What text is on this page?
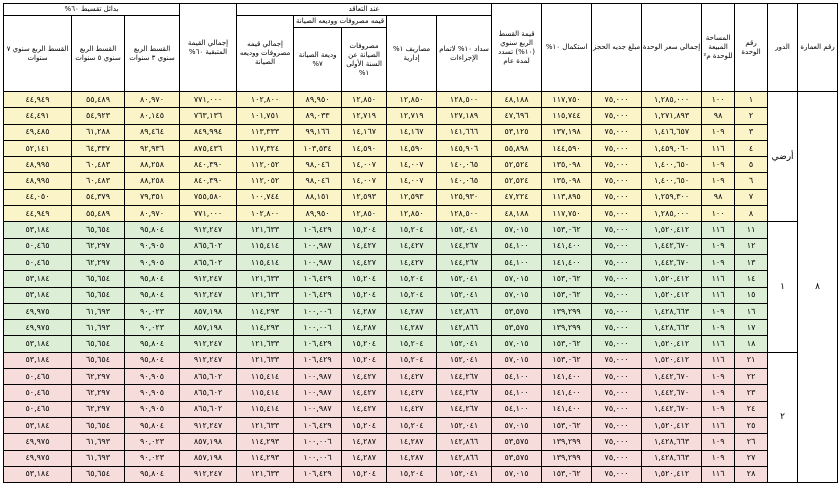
رقم العمارة	الدور	رقم الوحدة	المساحة المبيعة للوحدة م²	إجمالي سعر الوحدة	مبلغ جديه الحجز	استكمال ١٠%	قيمة القسط الربع سنوي (١٠%) تسدد لمدة عام	عند التعاقد					إجمالي القيمة المتبقية ٦٠%	بدائل تقسيط ٦٠%		
								سداد ١٠% لاتمام الإجراءات	مصاريف ١% إدارية	قيمه مصروفات ووديعه الصيانة		إجمالي قيمه مصروفات ووديعه الصيانة		القسط الربع سنوي ٣ سنوات	القسط الربع سنوي ٥ سنوات	القسط الربع سنوي ٧ سنوات
										مصروفات الصيانة عن السنة الأولى ١%	وديعة الصيانة ٧%					
٨	أرضي	١	١٠٠	١,٢٨٥,٠٠٠	٧٥,٠٠٠	١١٧,٧٥٠	٤٨,١٨٨	١٢٨,٥٠٠	١٢,٨٥٠	١٢,٨٥٠	٨٩,٩٥٠	١٠٢,٨٠٠	٧٧١,٠٠٠	٨٠,٩٧٠	٥٥,٤٨٩	٤٤,٩٤٩
		٢	٩٨	١,٢٧١,٨٩٣	٧٥,٠٠٠	١١٥,٧٤٤	٤٧,٦٩٦	١٢٧,١٨٩	١٢,٧١٩	١٢,٧١٩	٨٩,٠٣٣	١٠١,٧٥١	٧٦٣,١٣٦	٨٠,١٤٥	٥٤,٩٢٣	٤٤,٤٩١
		٣	١٠٩	١,٤١٦,٦٥٧	٧٥,٠٠٠	١٣٧,١٩٨	٥٣,١٢٥	١٤١,٦٦٦	١٤,١٦٧	١٤,١٦٧	٩٩,١٦٦	١١٣,٣٣٣	٨٤٩,٩٩٤	٨٩,٤٦٤	٦١,٢٨٨	٤٩,٤٨٥
		٤	١١٦	١,٤٥٩,٠٦٠	٧٥,٠٠٠	١٤٤,٥٩٠	٥٥,٨٩٨	١٤٥,٩٠٦	١٤,٥٩٠	١٤,٥٩٠	١٠٣,٥٣٤	١١٧,٣٢٤	٨٧٥,٤٣٦	٩٢,٩٣٦	٦٤,٣٣٧	٥٢,١٤١
		٥	١٠٩	١,٤٠٠,٦٥٠	٧٥,٠٠٠	١٣٥,٠٩٨	٥٢,٥٢٤	١٤٠,٠٦٥	١٤,٠٠٧	١٤,٠٠٧	٩٨,٠٤٦	١١٢,٠٥٢	٨٤٠,٣٩٠	٨٨,٢٥٨	٦٠,٤٨٣	٤٨,٩٩٥
		٦	١٠٩	١,٤٠٠,٦٥٠	٧٥,٠٠٠	١٣٥,٠٩٨	٥٢,٥٢٤	١٤٠,٠٦٥	١٤,٠٠٧	١٤,٠٠٧	٩٨,٠٤٦	١١٢,٠٥٢	٨٤٠,٣٩٠	٨٨,٢٥٨	٦٠,٤٨٣	٤٨,٩٩٥
		٧	٩٨	١,٢٥٩,٣٠٠	٧٥,٠٠٠	١١٣,٨٩٥	٤٧,٢٢٤	١٢٥,٩٣٠	١٢,٥٩٣	١٢,٥٩٣	٨٨,١٥١	١٠٠,٧٤٤	٧٥٥,٥٨٠	٧٩,٣٥١	٥٤,٣٧٩	٤٤,٠٥٠
		٨	١٠٠	١,٢٨٥,٠٠٠	٧٥,٠٠٠	١١٧,٧٥٠	٤٨,١٨٨	١٢٨,٥٠٠	١٢,٨٥٠	١٢,٨٥٠	٨٩,٩٥٠	١٠٢,٨٠٠	٧٧١,٠٠٠	٨٠,٩٧٠	٥٥,٤٨٩	٤٤,٩٤٩
	١	١١	١١٦	١,٥٢٠,٤١٢	٧٥,٠٠٠	١٥٣,٠٦٢	٥٧,٠١٥	١٥٢,٠٤١	١٥,٢٠٤	١٥,٢٠٤	١٠٦,٤٢٩	١٢١,٦٣٣	٩١٢,٢٤٧	٩٥,٨٠٤	٦٥,٦٥٤	٥٣,١٨٤
		١٢	١٠٩	١,٤٤٢,٦٧٠	٧٥,٠٠٠	١٤١,٤٠٠	٥٤,١٠٠	١٤٤,٢٦٧	١٤,٤٢٧	١٤,٤٢٧	١٠٠,٩٨٧	١١٥,٤١٤	٨٦٥,٦٠٢	٩٠,٩٠٥	٦٢,٢٩٧	٥٠,٤٦٥
		١٣	١٠٩	١,٤٤٢,٦٧٠	٧٥,٠٠٠	١٤١,٤٠٠	٥٤,١٠٠	١٤٤,٢٦٧	١٤,٤٢٧	١٤,٤٢٧	١٠٠,٩٨٧	١١٥,٤١٤	٨٦٥,٦٠٢	٩٠,٩٠٥	٦٢,٢٩٧	٥٠,٤٦٥
		١٤	١١٦	١,٥٢٠,٤١٢	٧٥,٠٠٠	١٥٣,٠٦٢	٥٧,٠١٥	١٥٢,٠٤١	١٥,٢٠٤	١٥,٢٠٤	١٠٦,٤٢٩	١٢١,٦٣٣	٩١٢,٢٤٧	٩٥,٨٠٤	٦٥,٦٥٤	٥٣,١٨٤
		١٥	١١٦	١,٥٢٠,٤١٢	٧٥,٠٠٠	١٥٣,٠٦٢	٥٧,٠١٥	١٥٢,٠٤١	١٥,٢٠٤	١٥,٢٠٤	١٠٦,٤٢٩	١٢١,٦٣٣	٩١٢,٢٤٧	٩٥,٨٠٤	٦٥,٦٥٤	٥٣,١٨٤
		١٦	١٠٩	١,٤٢٨,٦٦٣	٧٥,٠٠٠	١٣٩,٢٩٩	٥٣,٥٧٥	١٤٢,٨٦٦	١٤,٢٨٧	١٤,٢٨٧	١٠٠,٠٠٦	١١٤,٢٩٣	٨٥٧,١٩٨	٩٠,٠٢٣	٦١,٦٩٣	٤٩,٩٧٥
		١٧	١٠٩	١,٤٢٨,٦٦٣	٧٥,٠٠٠	١٣٩,٢٩٩	٥٣,٥٧٥	١٤٢,٨٦٦	١٤,٢٨٧	١٤,٢٨٧	١٠٠,٠٠٦	١١٤,٢٩٣	٨٥٧,١٩٨	٩٠,٠٢٣	٦١,٦٩٣	٤٩,٩٧٥
		١٨	١١٦	١,٥٢٠,٤١٢	٧٥,٠٠٠	١٥٣,٠٦٢	٥٧,٠١٥	١٥٢,٠٤١	١٥,٢٠٤	١٥,٢٠٤	١٠٦,٤٢٩	١٢١,٦٣٣	٩١٢,٢٤٧	٩٥,٨٠٤	٦٥,٦٥٤	٥٣,١٨٤
	٢	٢١	١١٦	١,٥٢٠,٤١٢	٧٥,٠٠٠	١٥٣,٠٦٢	٥٧,٠١٥	١٥٢,٠٤١	١٥,٢٠٤	١٥,٢٠٤	١٠٦,٤٢٩	١٢١,٦٣٣	٩١٢,٢٤٧	٩٥,٨٠٤	٦٥,٦٥٤	٥٣,١٨٤
		٢٢	١٠٩	١,٤٤٢,٦٧٠	٧٥,٠٠٠	١٤١,٤٠٠	٥٤,١٠٠	١٤٤,٢٦٧	١٤,٤٢٧	١٤,٤٢٧	١٠٠,٩٨٧	١١٥,٤١٤	٨٦٥,٦٠٢	٩٠,٩٠٥	٦٢,٢٩٧	٥٠,٤٦٥
		٢٣	١٠٩	١,٤٤٢,٦٧٠	٧٥,٠٠٠	١٤١,٤٠٠	٥٤,١٠٠	١٤٤,٢٦٧	١٤,٤٢٧	١٤,٤٢٧	١٠٠,٩٨٧	١١٥,٤١٤	٨٦٥,٦٠٢	٩٠,٩٠٥	٦٢,٢٩٧	٥٠,٤٦٥
		٢٤	١٠٩	١,٤٤٢,٦٧٠	٧٥,٠٠٠	١٤١,٤٠٠	٥٤,١٠٠	١٤٤,٢٦٧	١٤,٤٢٧	١٤,٤٢٧	١٠٠,٩٨٧	١١٥,٤١٤	٨٦٥,٦٠٢	٩٠,٩٠٥	٦٢,٢٩٧	٥٠,٤٦٥
		٢٥	١١٦	١,٥٢٠,٤١٢	٧٥,٠٠٠	١٥٣,٠٦٢	٥٧,٠١٥	١٥٢,٠٤١	١٥,٢٠٤	١٥,٢٠٤	١٠٦,٤٢٩	١٢١,٦٣٣	٩١٢,٢٤٧	٩٥,٨٠٤	٦٥,٦٥٤	٥٣,١٨٤
		٢٦	١٠٩	١,٤٢٨,٦٦٣	٧٥,٠٠٠	١٣٩,٢٩٩	٥٣,٥٧٥	١٤٢,٨٦٦	١٤,٢٨٧	١٤,٢٨٧	١٠٠,٠٠٦	١١٤,٢٩٣	٨٥٧,١٩٨	٩٠,٠٢٣	٦١,٦٩٣	٤٩,٩٧٥
		٢٧	١٠٩	١,٤٢٨,٦٦٣	٧٥,٠٠٠	١٣٩,٢٩٩	٥٣,٥٧٥	١٤٢,٨٦٦	١٤,٢٨٧	١٤,٢٨٧	١٠٠,٠٠٦	١١٤,٢٩٣	٨٥٧,١٩٨	٩٠,٠٢٣	٦١,٦٩٣	٤٩,٩٧٥
		٢٨	١١٦	١,٥٢٠,٤١٢	٧٥,٠٠٠	١٥٣,٠٦٢	٥٧,٠١٥	١٥٢,٠٤١	١٥,٢٠٤	١٥,٢٠٤	١٠٦,٤٢٩	١٢١,٦٣٣	٩١٢,٢٤٧	٩٥,٨٠٤	٦٥,٦٥٤	٥٣,١٨٤
